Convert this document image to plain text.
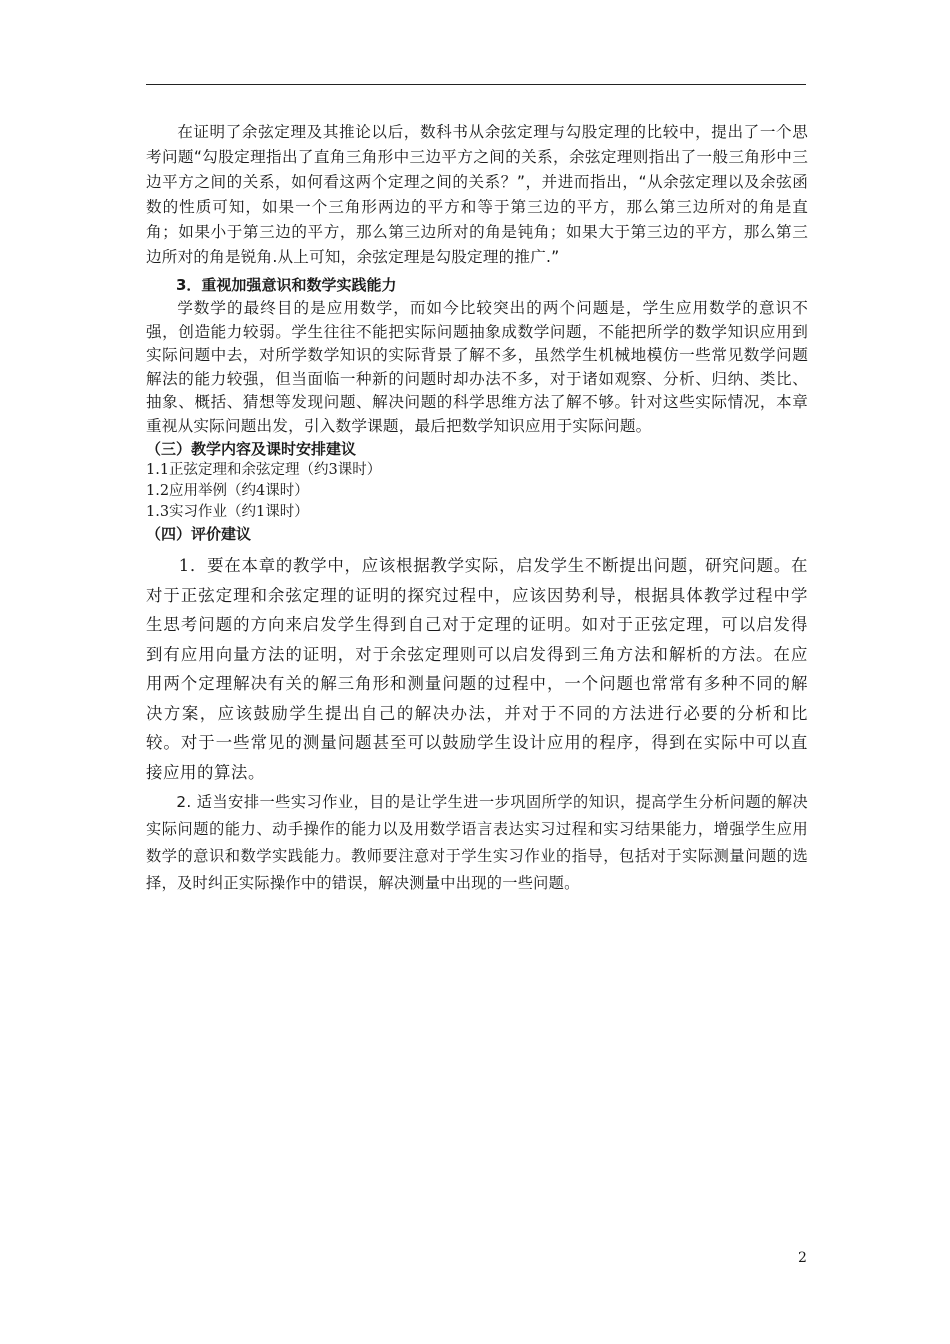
在证明了余弦定理及其推论以后，数科书从余弦定理与勾股定理的比较中，提出了一个思考问题“勾股定理指出了直角三角形中三边平方之间的关系，余弦定理则指出了一般三角形中三边平方之间的关系，如何看这两个定理之间的关系？”，并进而指出，“从余弦定理以及余弦函数的性质可知，如果一个三角形两边的平方和等于第三边的平方，那么第三边所对的角是直角；如果小于第三边的平方，那么第三边所对的角是钝角；如果大于第三边的平方，那么第三边所对的角是锐角.从上可知，余弦定理是勾股定理的推广.”

3．重视加强意识和数学实践能力

学数学的最终目的是应用数学，而如今比较突出的两个问题是，学生应用数学的意识不强，创造能力较弱。学生往往不能把实际问题抽象成数学问题，不能把所学的数学知识应用到实际问题中去，对所学数学知识的实际背景了解不多，虽然学生机械地模仿一些常见数学问题解法的能力较强，但当面临一种新的问题时却办法不多，对于诸如观察、分析、归纳、类比、抽象、概括、猜想等发现问题、解决问题的科学思维方法了解不够。针对这些实际情况，本章重视从实际问题出发，引入数学课题，最后把数学知识应用于实际问题。

（三）教学内容及课时安排建议

1.1正弦定理和余弦定理（约3课时）

1.2应用举例（约4课时）

1.3实习作业（约1课时）

（四）评价建议

1．要在本章的教学中，应该根据教学实际，启发学生不断提出问题，研究问题。在对于正弦定理和余弦定理的证明的探究过程中，应该因势利导，根据具体教学过程中学生思考问题的方向来启发学生得到自己对于定理的证明。如对于正弦定理，可以启发得到有应用向量方法的证明，对于余弦定理则可以启发得到三角方法和解析的方法。在应用两个定理解决有关的解三角形和测量问题的过程中，一个问题也常常有多种不同的解决方案，应该鼓励学生提出自己的解决办法，并对于不同的方法进行必要的分析和比较。对于一些常见的测量问题甚至可以鼓励学生设计应用的程序，得到在实际中可以直接应用的算法。

2. 适当安排一些实习作业，目的是让学生进一步巩固所学的知识，提高学生分析问题的解决实际问题的能力、动手操作的能力以及用数学语言表达实习过程和实习结果能力，增强学生应用数学的意识和数学实践能力。教师要注意对于学生实习作业的指导，包括对于实际测量问题的选择，及时纠正实际操作中的错误，解决测量中出现的一些问题。

2
